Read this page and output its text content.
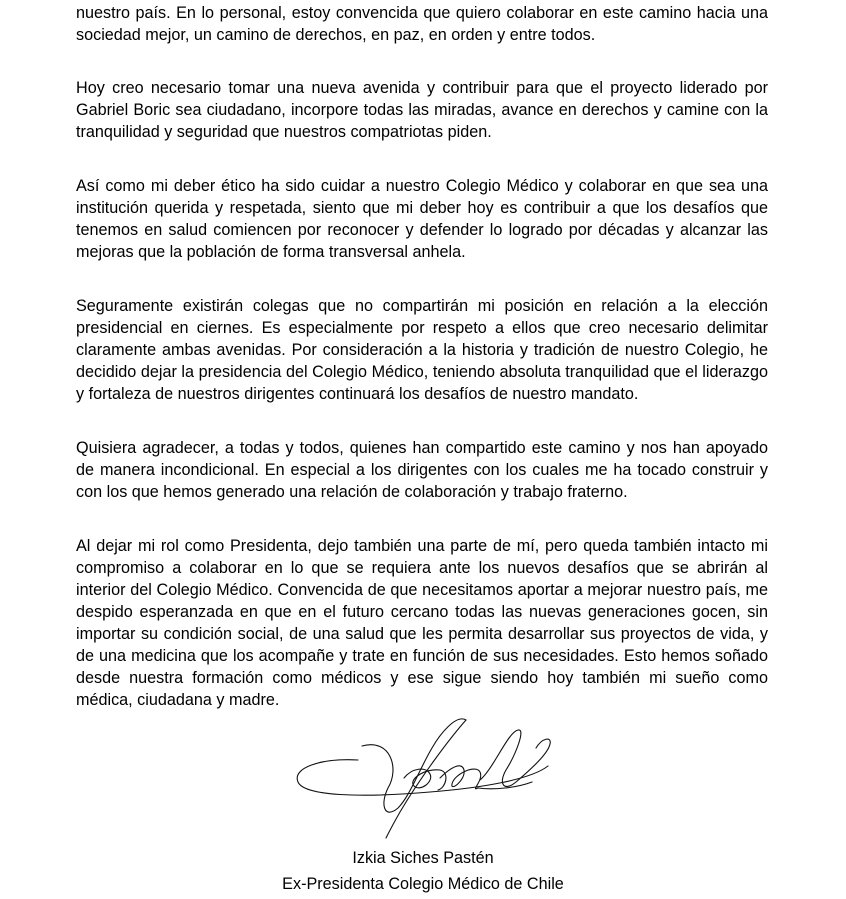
nuestro país. En lo personal, estoy convencida que quiero colaborar en este camino hacia una sociedad mejor, un camino de derechos, en paz, en orden y entre todos.

Hoy creo necesario tomar una nueva avenida y contribuir para que el proyecto liderado por Gabriel Boric sea ciudadano, incorpore todas las miradas, avance en derechos y camine con la tranquilidad y seguridad que nuestros compatriotas piden.

Así como mi deber ético ha sido cuidar a nuestro Colegio Médico y colaborar en que sea una institución querida y respetada, siento que mi deber hoy es contribuir a que los desafíos que tenemos en salud comiencen por reconocer y defender lo logrado por décadas y alcanzar las mejoras que la población de forma transversal anhela.

Seguramente existirán colegas que no compartirán mi posición en relación a la elección presidencial en ciernes. Es especialmente por respeto a ellos que creo necesario delimitar claramente ambas avenidas. Por consideración a la historia y tradición de nuestro Colegio, he decidido dejar la presidencia del Colegio Médico, teniendo absoluta tranquilidad que el liderazgo y fortaleza de nuestros dirigentes continuará los desafíos de nuestro mandato.

Quisiera agradecer, a todas y todos, quienes han compartido este camino y nos han apoyado de manera incondicional. En especial a los dirigentes con los cuales me ha tocado construir y con los que hemos generado una relación de colaboración y trabajo fraterno.

Al dejar mi rol como Presidenta, dejo también una parte de mí, pero queda también intacto mi compromiso a colaborar en lo que se requiera ante los nuevos desafíos que se abrirán al interior del Colegio Médico. Convencida de que necesitamos aportar a mejorar nuestro país, me despido esperanzada en que en el futuro cercano todas las nuevas generaciones gocen, sin importar su condición social, de una salud que les permita desarrollar sus proyectos de vida, y de una medicina que los acompañe y trate en función de sus necesidades. Esto hemos soñado desde nuestra formación como médicos y ese sigue siendo hoy también mi sueño como médica, ciudadana y madre.

Izkia Siches Pastén

Ex-Presidenta Colegio Médico de Chile
